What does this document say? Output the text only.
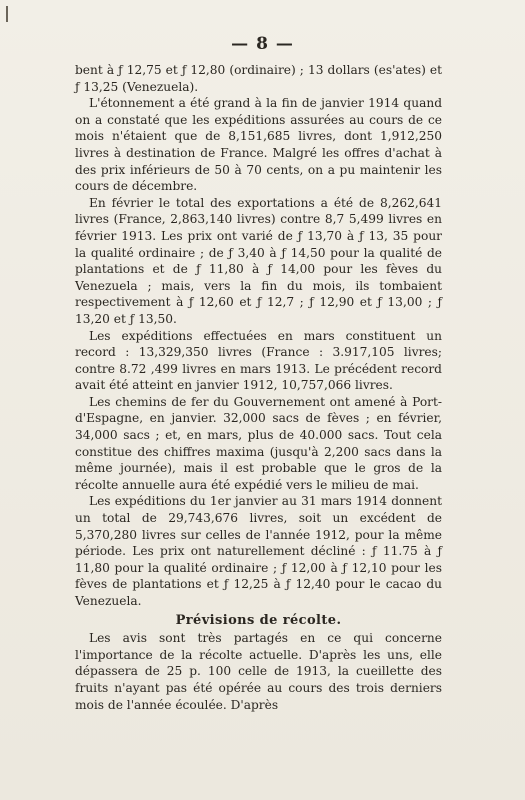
— 8 —

bent à ƒ 12,75 et ƒ 12,80 (ordinaire) ; 13 dollars (es'ates) et ƒ 13,25 (Venezuela).

L'étonnement a été grand à la fin de janvier 1914 quand on a constaté que les expéditions assurées au cours de ce mois n'étaient que de 8,151,685 livres, dont 1,912,250 livres à destination de France. Malgré les offres d'achat à des prix inférieurs de 50 à 70 cents, on a pu maintenir les cours de décembre.

En février le total des exportations a été de 8,262,641 livres (France, 2,863,140 livres) contre 8,7 5,499 livres en février 1913. Les prix ont varié de ƒ 13,70 à ƒ 13, 35 pour la qualité ordinaire ; de ƒ 3,40 à ƒ 14,50 pour la qualité de plantations et de ƒ 11,80 à ƒ 14,00 pour les fèves du Venezuela ; mais, vers la fin du mois, ils tombaient respectivement à ƒ 12,60 et ƒ 12,7 ; ƒ 12,90 et ƒ 13,00 ; ƒ 13,20 et ƒ 13,50.

Les expéditions effectuées en mars constituent un record : 13,329,350 livres (France : 3.917,105 livres; contre 8.72 ,499 livres en mars 1913. Le précédent record avait été atteint en janvier 1912, 10,757,066 livres.

Les chemins de fer du Gouvernement ont amené à Port-d'Espagne, en janvier. 32,000 sacs de fèves ; en février, 34,000 sacs ; et, en mars, plus de 40.000 sacs. Tout cela constitue des chiffres maxima (jusqu'à 2,200 sacs dans la même journée), mais il est probable que le gros de la récolte annuelle aura été expédié vers le milieu de mai.

Les expéditions du 1er janvier au 31 mars 1914 donnent un total de 29,743,676 livres, soit un excédent de 5,370,280 livres sur celles de l'année 1912, pour la même période. Les prix ont naturellement décliné : ƒ 11.75 à ƒ 11,80 pour la qualité ordinaire ; ƒ 12,00 à ƒ 12,10 pour les fèves de plantations et ƒ 12,25 à ƒ 12,40 pour le cacao du Venezuela.

Prévisions de récolte.

Les avis sont très partagés en ce qui concerne l'importance de la récolte actuelle. D'après les uns, elle dépassera de 25 p. 100 celle de 1913, la cueillette des fruits n'ayant pas été opérée au cours des trois derniers mois de l'année écoulée. D'après
